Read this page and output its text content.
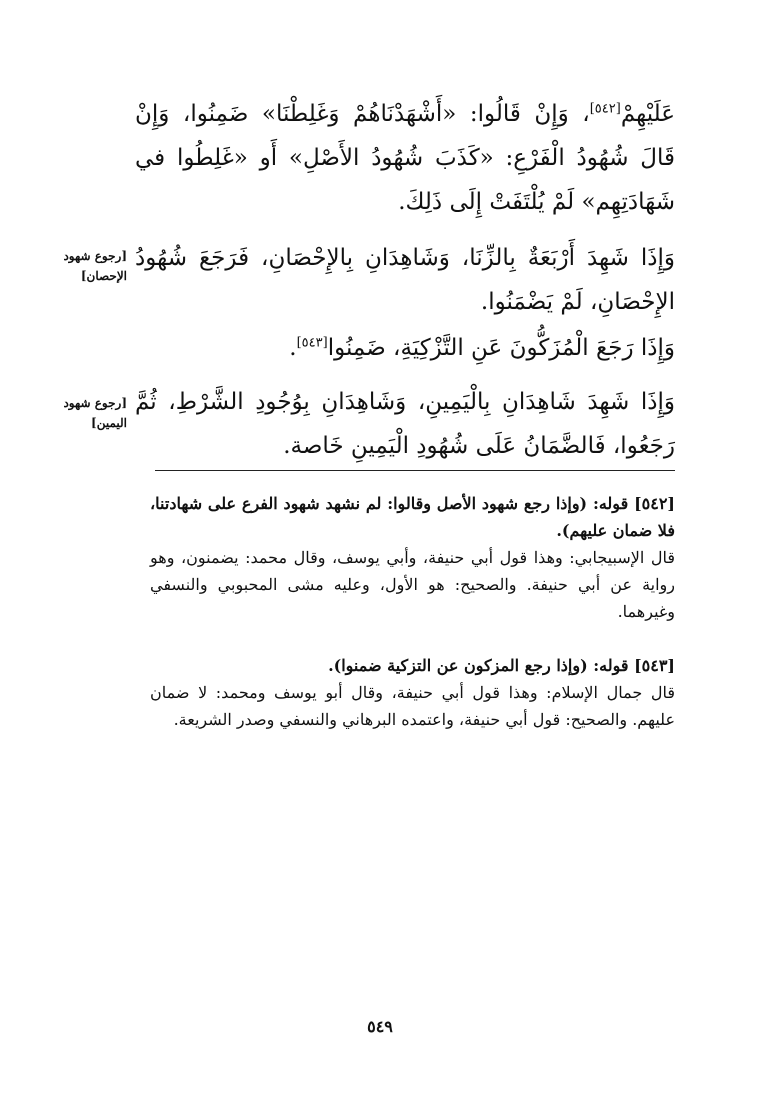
عَلَيْهِمْ[٥٤٢]، وَإِنْ قَالُوا: «أَشْهَدْنَاهُمْ وَغَلِطْنَا» ضَمِنُوا، وَإِنْ قَالَ شُهُودُ الْفَرْعِ: «كَذَبَ شُهُودُ الأَصْلِ» أَو «غَلِطُوا في شَهَادَتِهِم» لَمْ يُلْتَفَتْ إِلَى ذَلِكَ.
[رجوع شهود الإحصان]
وَإِذَا شَهِدَ أَرْبَعَةٌ بِالزِّنَا، وَشَاهِدَانِ بِالإِحْصَانِ، فَرَجَعَ شُهُودُ الإِحْصَانِ، لَمْ يَضْمَنُوا.
وَإِذَا رَجَعَ الْمُزَكُّونَ عَنِ التَّزْكِيَةِ، ضَمِنُوا[٥٤٣].
[رجوع شهود اليمين]
وَإِذَا شَهِدَ شَاهِدَانِ بِالْيَمِينِ، وَشَاهِدَانِ بِوُجُودِ الشَّرْطِ، ثُمَّ رَجَعُوا، فَالضَّمَانُ عَلَى شُهُودِ الْيَمِينِ خَاصة.

[٥٤٢] قوله: (وإذا رجع شهود الأصل وقالوا: لم نشهد شهود الفرع على شهادتنا، فلا ضمان عليهم).

قال الإسبيجابي: وهذا قول أبي حنيفة، وأبي يوسف، وقال محمد: يضمنون، وهو رواية عن أبي حنيفة. والصحيح: هو الأول، وعليه مشى المحبوبي والنسفي وغيرهما.

[٥٤٣] قوله: (وإذا رجع المزكون عن التزكية ضمنوا).

قال جمال الإسلام: وهذا قول أبي حنيفة، وقال أبو يوسف ومحمد: لا ضمان عليهم. والصحيح: قول أبي حنيفة، واعتمده البرهاني والنسفي وصدر الشريعة.

٥٤٩
